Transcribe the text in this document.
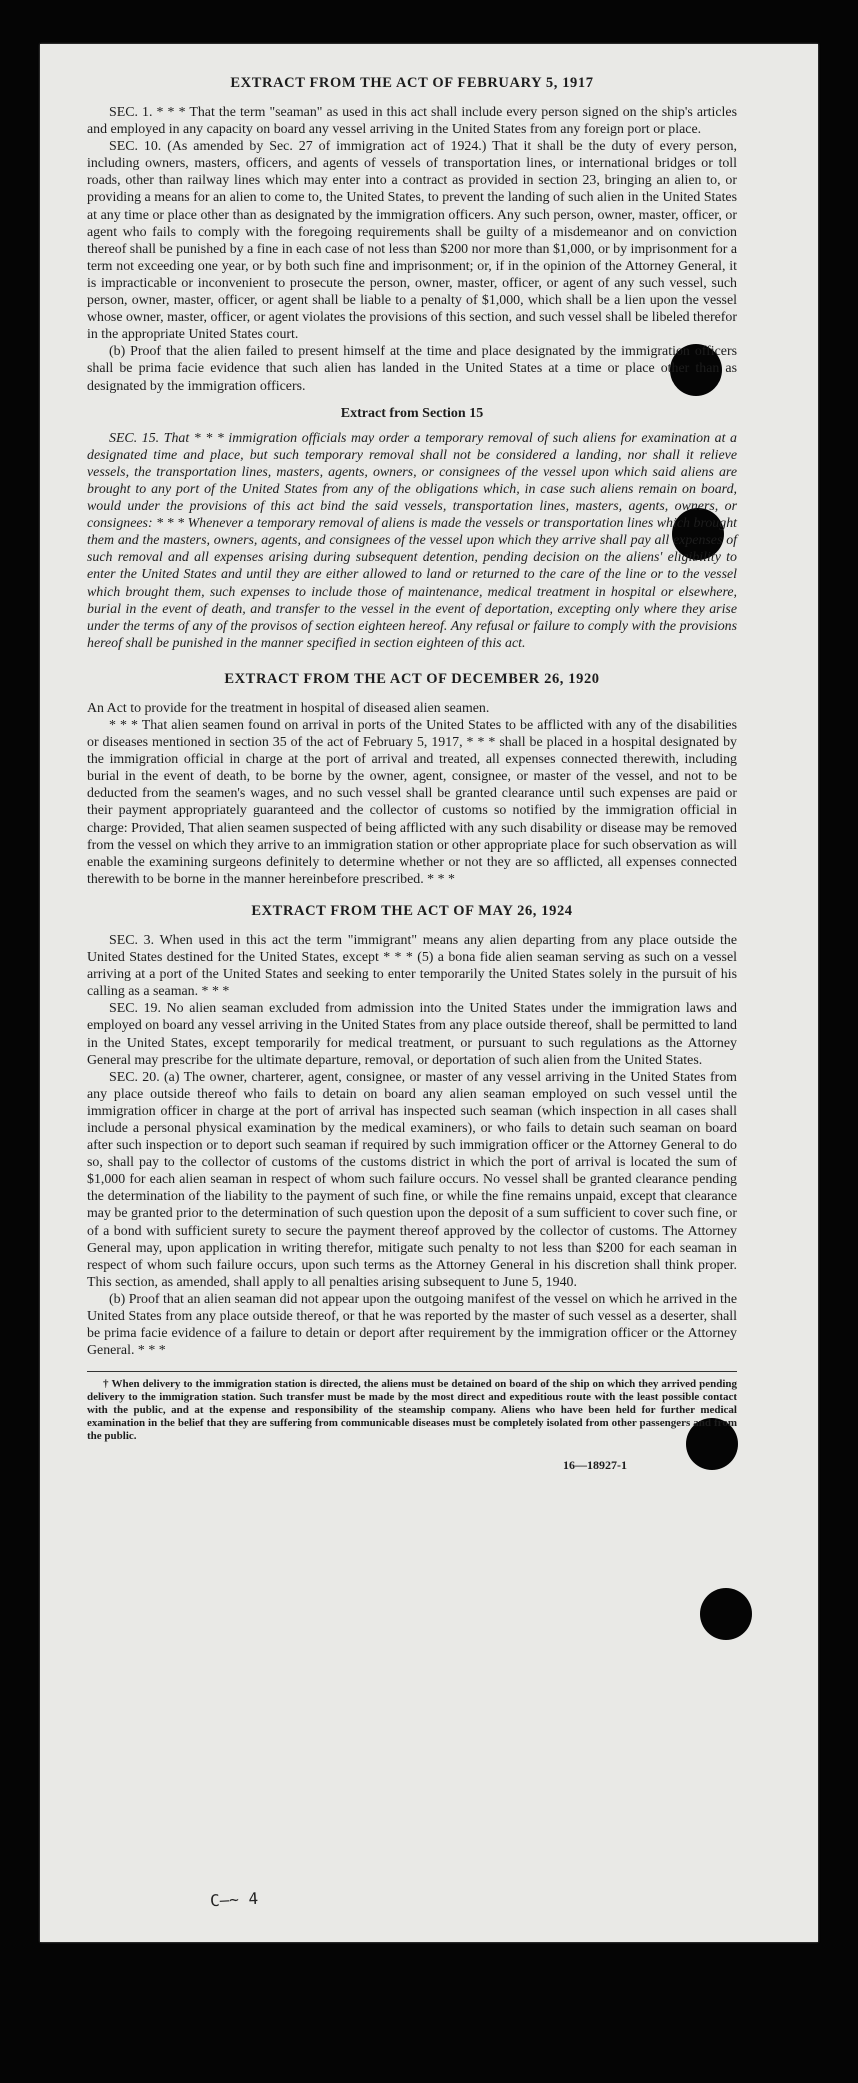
EXTRACT FROM THE ACT OF FEBRUARY 5, 1917

SEC. 1. * * * That the term "seaman" as used in this act shall include every person signed on the ship's articles and employed in any capacity on board any vessel arriving in the United States from any foreign port or place.

SEC. 10. (As amended by Sec. 27 of immigration act of 1924.) That it shall be the duty of every person, including owners, masters, officers, and agents of vessels of transportation lines, or international bridges or toll roads, other than railway lines which may enter into a contract as provided in section 23, bringing an alien to, or providing a means for an alien to come to, the United States, to prevent the landing of such alien in the United States at any time or place other than as designated by the immigration officers. Any such person, owner, master, officer, or agent who fails to comply with the foregoing requirements shall be guilty of a misdemeanor and on conviction thereof shall be punished by a fine in each case of not less than $200 nor more than $1,000, or by imprisonment for a term not exceeding one year, or by both such fine and imprisonment; or, if in the opinion of the Attorney General, it is impracticable or inconvenient to prosecute the person, owner, master, officer, or agent of any such vessel, such person, owner, master, officer, or agent shall be liable to a penalty of $1,000, which shall be a lien upon the vessel whose owner, master, officer, or agent violates the provisions of this section, and such vessel shall be libeled therefor in the appropriate United States court.

(b) Proof that the alien failed to present himself at the time and place designated by the immigration officers shall be prima facie evidence that such alien has landed in the United States at a time or place other than as designated by the immigration officers.

Extract from Section 15

SEC. 15. That * * * immigration officials may order a temporary removal of such aliens for examination at a designated time and place, but such temporary removal shall not be considered a landing, nor shall it relieve vessels, the transportation lines, masters, agents, owners, or consignees of the vessel upon which said aliens are brought to any port of the United States from any of the obligations which, in case such aliens remain on board, would under the provisions of this act bind the said vessels, transportation lines, masters, agents, owners, or consignees: * * * Whenever a temporary removal of aliens is made the vessels or transportation lines which brought them and the masters, owners, agents, and consignees of the vessel upon which they arrive shall pay all expenses of such removal and all expenses arising during subsequent detention, pending decision on the aliens' eligibility to enter the United States and until they are either allowed to land or returned to the care of the line or to the vessel which brought them, such expenses to include those of maintenance, medical treatment in hospital or elsewhere, burial in the event of death, and transfer to the vessel in the event of deportation, excepting only where they arise under the terms of any of the provisos of section eighteen hereof. Any refusal or failure to comply with the provisions hereof shall be punished in the manner specified in section eighteen of this act.

EXTRACT FROM THE ACT OF DECEMBER 26, 1920

An Act to provide for the treatment in hospital of diseased alien seamen.

* * * That alien seamen found on arrival in ports of the United States to be afflicted with any of the disabilities or diseases mentioned in section 35 of the act of February 5, 1917, * * * shall be placed in a hospital designated by the immigration official in charge at the port of arrival and treated, all expenses connected therewith, including burial in the event of death, to be borne by the owner, agent, consignee, or master of the vessel, and not to be deducted from the seamen's wages, and no such vessel shall be granted clearance until such expenses are paid or their payment appropriately guaranteed and the collector of customs so notified by the immigration official in charge: Provided, That alien seamen suspected of being afflicted with any such disability or disease may be removed from the vessel on which they arrive to an immigration station or other appropriate place for such observation as will enable the examining surgeons definitely to determine whether or not they are so afflicted, all expenses connected therewith to be borne in the manner hereinbefore prescribed. * * *

EXTRACT FROM THE ACT OF MAY 26, 1924

SEC. 3. When used in this act the term "immigrant" means any alien departing from any place outside the United States destined for the United States, except * * * (5) a bona fide alien seaman serving as such on a vessel arriving at a port of the United States and seeking to enter temporarily the United States solely in the pursuit of his calling as a seaman. * * *

SEC. 19. No alien seaman excluded from admission into the United States under the immigration laws and employed on board any vessel arriving in the United States from any place outside thereof, shall be permitted to land in the United States, except temporarily for medical treatment, or pursuant to such regulations as the Attorney General may prescribe for the ultimate departure, removal, or deportation of such alien from the United States.

SEC. 20. (a) The owner, charterer, agent, consignee, or master of any vessel arriving in the United States from any place outside thereof who fails to detain on board any alien seaman employed on such vessel until the immigration officer in charge at the port of arrival has inspected such seaman (which inspection in all cases shall include a personal physical examination by the medical examiners), or who fails to detain such seaman on board after such inspection or to deport such seaman if required by such immigration officer or the Attorney General to do so, shall pay to the collector of customs of the customs district in which the port of arrival is located the sum of $1,000 for each alien seaman in respect of whom such failure occurs. No vessel shall be granted clearance pending the determination of the liability to the payment of such fine, or while the fine remains unpaid, except that clearance may be granted prior to the determination of such question upon the deposit of a sum sufficient to cover such fine, or of a bond with sufficient surety to secure the payment thereof approved by the collector of customs. The Attorney General may, upon application in writing therefor, mitigate such penalty to not less than $200 for each seaman in respect of whom such failure occurs, upon such terms as the Attorney General in his discretion shall think proper. This section, as amended, shall apply to all penalties arising subsequent to June 5, 1940.

(b) Proof that an alien seaman did not appear upon the outgoing manifest of the vessel on which he arrived in the United States from any place outside thereof, or that he was reported by the master of such vessel as a deserter, shall be prima facie evidence of a failure to detain or deport after requirement by the immigration officer or the Attorney General. * * *

† When delivery to the immigration station is directed, the aliens must be detained on board of the ship on which they arrived pending delivery to the immigration station. Such transfer must be made by the most direct and expeditious route with the least possible contact with the public, and at the expense and responsibility of the steamship company. Aliens who have been held for further medical examination in the belief that they are suffering from communicable diseases must be completely isolated from other passengers and from the public.
16—18927-1
C—~ 4
